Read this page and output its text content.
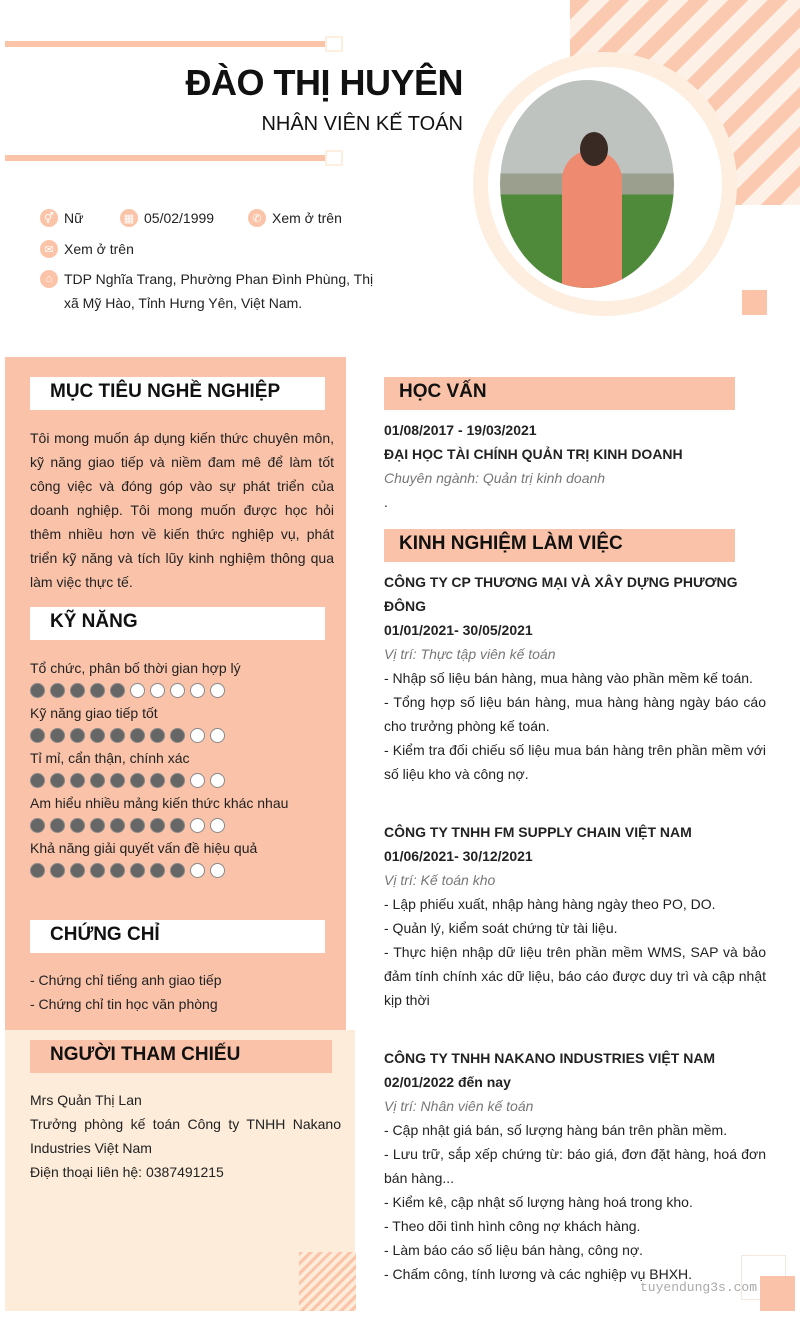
ĐÀO THỊ HUYÊN
NHÂN VIÊN KẾ TOÁN
⚥ Nữ	▦ 05/02/1999	✆ Xem ở trên
✉ Xem ở trên
⌂ TDP Nghĩa Trang, Phường Phan Đình Phùng, Thị xã Mỹ Hào, Tỉnh Hưng Yên, Việt Nam.
MỤC TIÊU NGHỀ NGHIỆP
Tôi mong muốn áp dụng kiến thức chuyên môn, kỹ năng giao tiếp và niềm đam mê để làm tốt công việc và đóng góp vào sự phát triển của doanh nghiệp. Tôi mong muốn được học hỏi thêm nhiều hơn về kiến thức nghiệp vụ, phát triển kỹ năng và tích lũy kinh nghiệm thông qua làm việc thực tế.
KỸ NĂNG
Tổ chức, phân bố thời gian hợp lý
Kỹ năng giao tiếp tốt
Tỉ mỉ, cẩn thận, chính xác
Am hiểu nhiều mảng kiến thức khác nhau
Khả năng giải quyết vấn đề hiệu quả
CHỨNG CHỈ
- Chứng chỉ tiếng anh giao tiếp
- Chứng chỉ tin học văn phòng
NGƯỜI THAM CHIẾU
Mrs Quản Thị Lan
Trưởng phòng kế toán Công ty TNHH Nakano Industries Việt Nam
Điện thoại liên hệ: 0387491215
HỌC VẤN
01/08/2017 - 19/03/2021
ĐẠI HỌC TÀI CHÍNH QUẢN TRỊ KINH DOANH
Chuyên ngành: Quản trị kinh doanh
.
KINH NGHIỆM LÀM VIỆC
CÔNG TY CP THƯƠNG MẠI VÀ XÂY DỰNG PHƯƠNG ĐÔNG
01/01/2021- 30/05/2021
Vị trí: Thực tập viên kế toán
- Nhập số liệu bán hàng, mua hàng vào phần mềm kế toán.
- Tổng hợp số liệu bán hàng, mua hàng hàng ngày báo cáo cho trưởng phòng kế toán.
- Kiểm tra đối chiếu số liệu mua bán hàng trên phần mềm với số liệu kho và công nợ.
CÔNG TY TNHH FM SUPPLY CHAIN VIỆT NAM
01/06/2021- 30/12/2021
Vị trí: Kế toán kho
- Lập phiếu xuất, nhập hàng hàng ngày theo PO, DO.
- Quản lý, kiểm soát chứng từ tài liệu.
- Thực hiện nhập dữ liệu trên phần mềm WMS, SAP và bảo đảm tính chính xác dữ liệu, báo cáo được duy trì và cập nhật kịp thời
CÔNG TY TNHH NAKANO INDUSTRIES VIỆT NAM
02/01/2022 đến nay
Vị trí: Nhân viên kế toán
- Cập nhật giá bán, số lượng hàng bán trên phần mềm.
- Lưu trữ, sắp xếp chứng từ: báo giá, đơn đặt hàng, hoá đơn bán hàng...
- Kiểm kê, cập nhật số lượng hàng hoá trong kho.
- Theo dõi tình hình công nợ khách hàng.
- Làm báo cáo số liệu bán hàng, công nợ.
- Chấm công, tính lương và các nghiệp vụ BHXH.
tuyendung3s.com
